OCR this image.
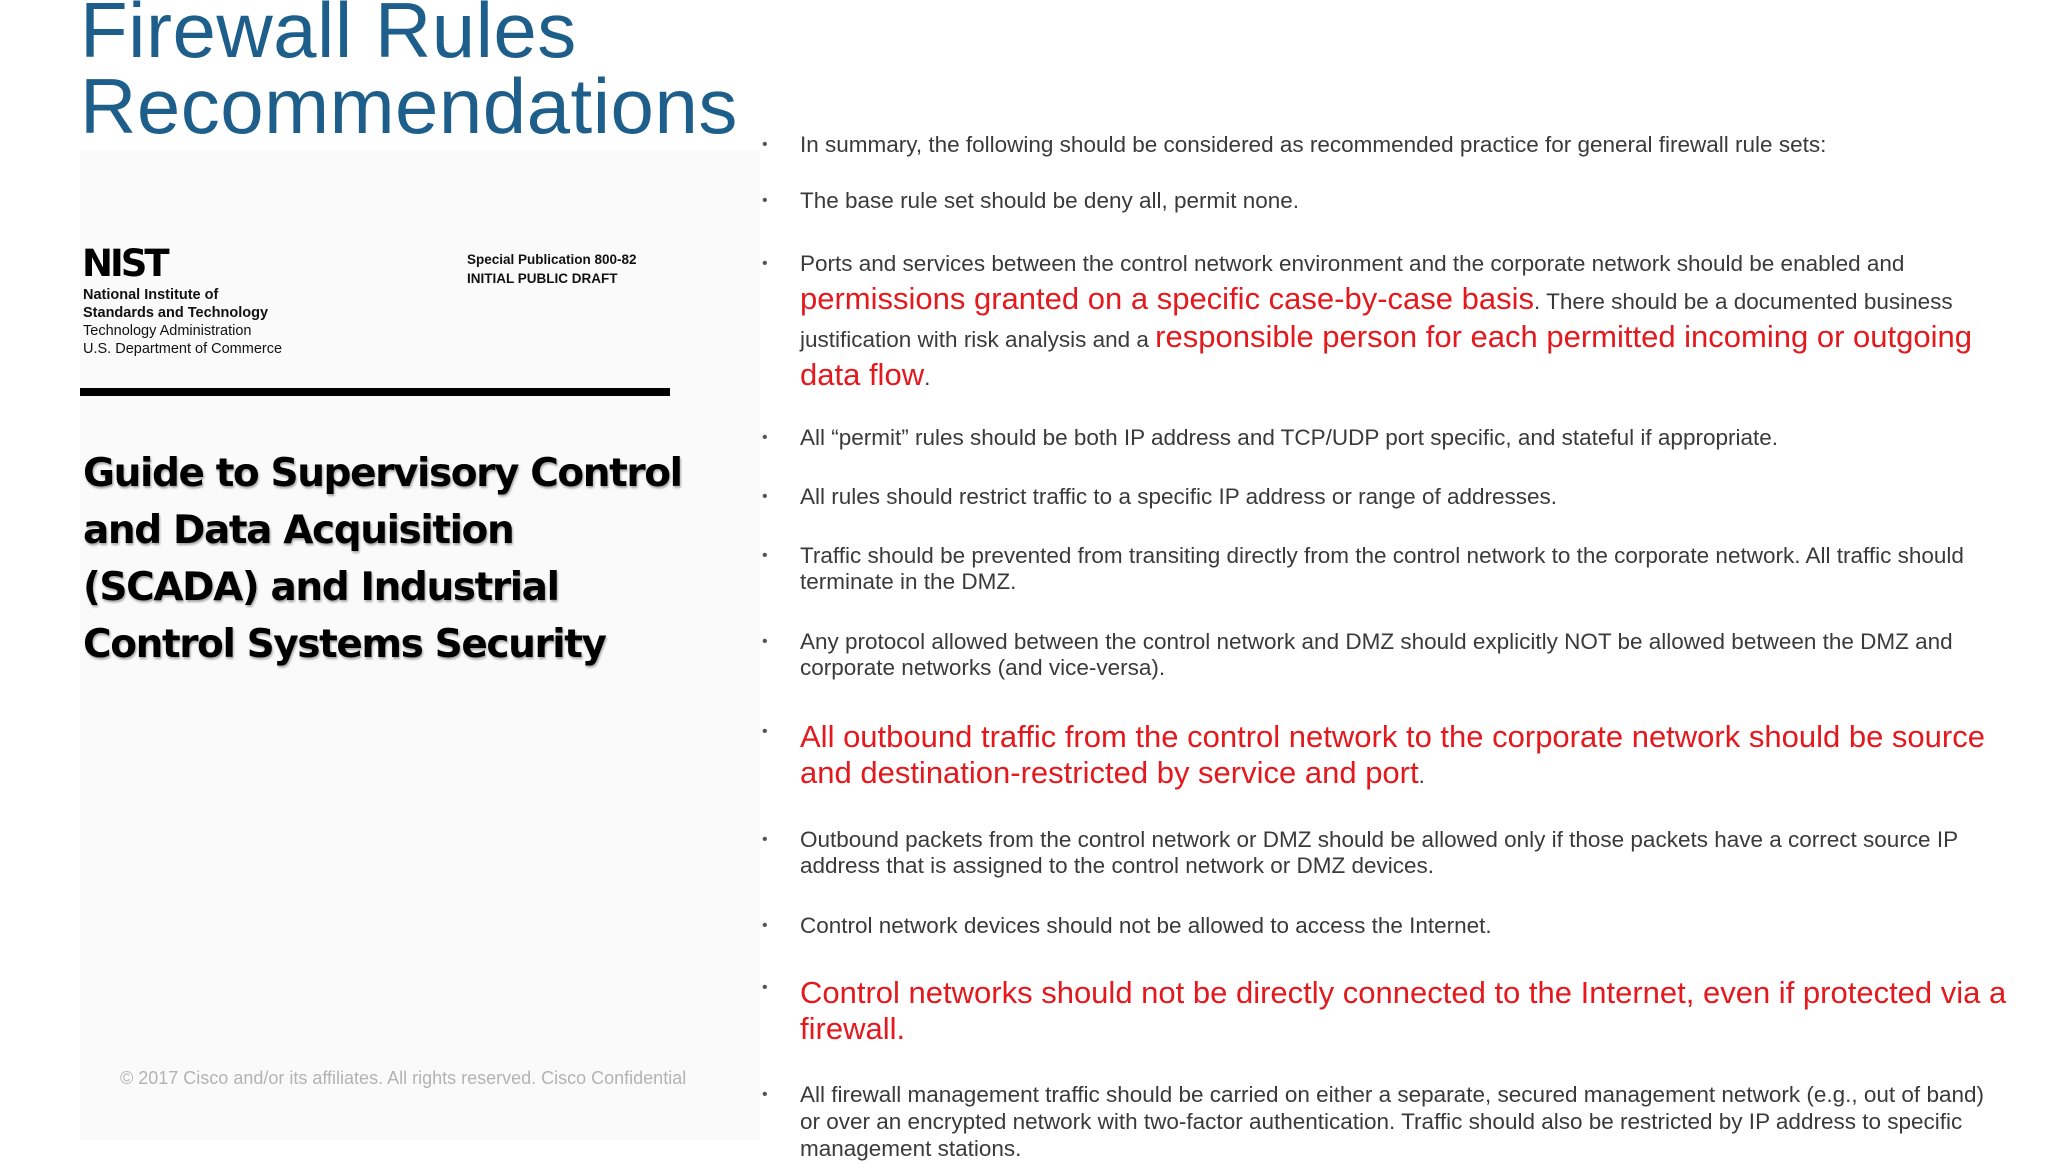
Firewall Rules
Recommendations
NIST
National Institute of
Standards and Technology
Technology Administration
U.S. Department of Commerce
Special Publication 800-82
INITIAL PUBLIC DRAFT
Guide to Supervisory Control and Data Acquisition (SCADA) and Industrial Control Systems Security
© 2017 Cisco and/or its affiliates. All rights reserved. Cisco Confidential
• In summary, the following should be considered as recommended practice for general firewall rule sets:
• The base rule set should be deny all, permit none.
• Ports and services between the control network environment and the corporate network should be enabled and permissions granted on a specific case-by-case basis. There should be a documented business justification with risk analysis and a responsible person for each permitted incoming or outgoing data flow.
• All “permit” rules should be both IP address and TCP/UDP port specific, and stateful if appropriate.
• All rules should restrict traffic to a specific IP address or range of addresses.
• Traffic should be prevented from transiting directly from the control network to the corporate network. All traffic should terminate in the DMZ.
• Any protocol allowed between the control network and DMZ should explicitly NOT be allowed between the DMZ and corporate networks (and vice-versa).
• All outbound traffic from the control network to the corporate network should be source and destination-restricted by service and port.
• Outbound packets from the control network or DMZ should be allowed only if those packets have a correct source IP address that is assigned to the control network or DMZ devices.
• Control network devices should not be allowed to access the Internet.
• Control networks should not be directly connected to the Internet, even if protected via a firewall.
• All firewall management traffic should be carried on either a separate, secured management network (e.g., out of band) or over an encrypted network with two-factor authentication. Traffic should also be restricted by IP address to specific management stations.
